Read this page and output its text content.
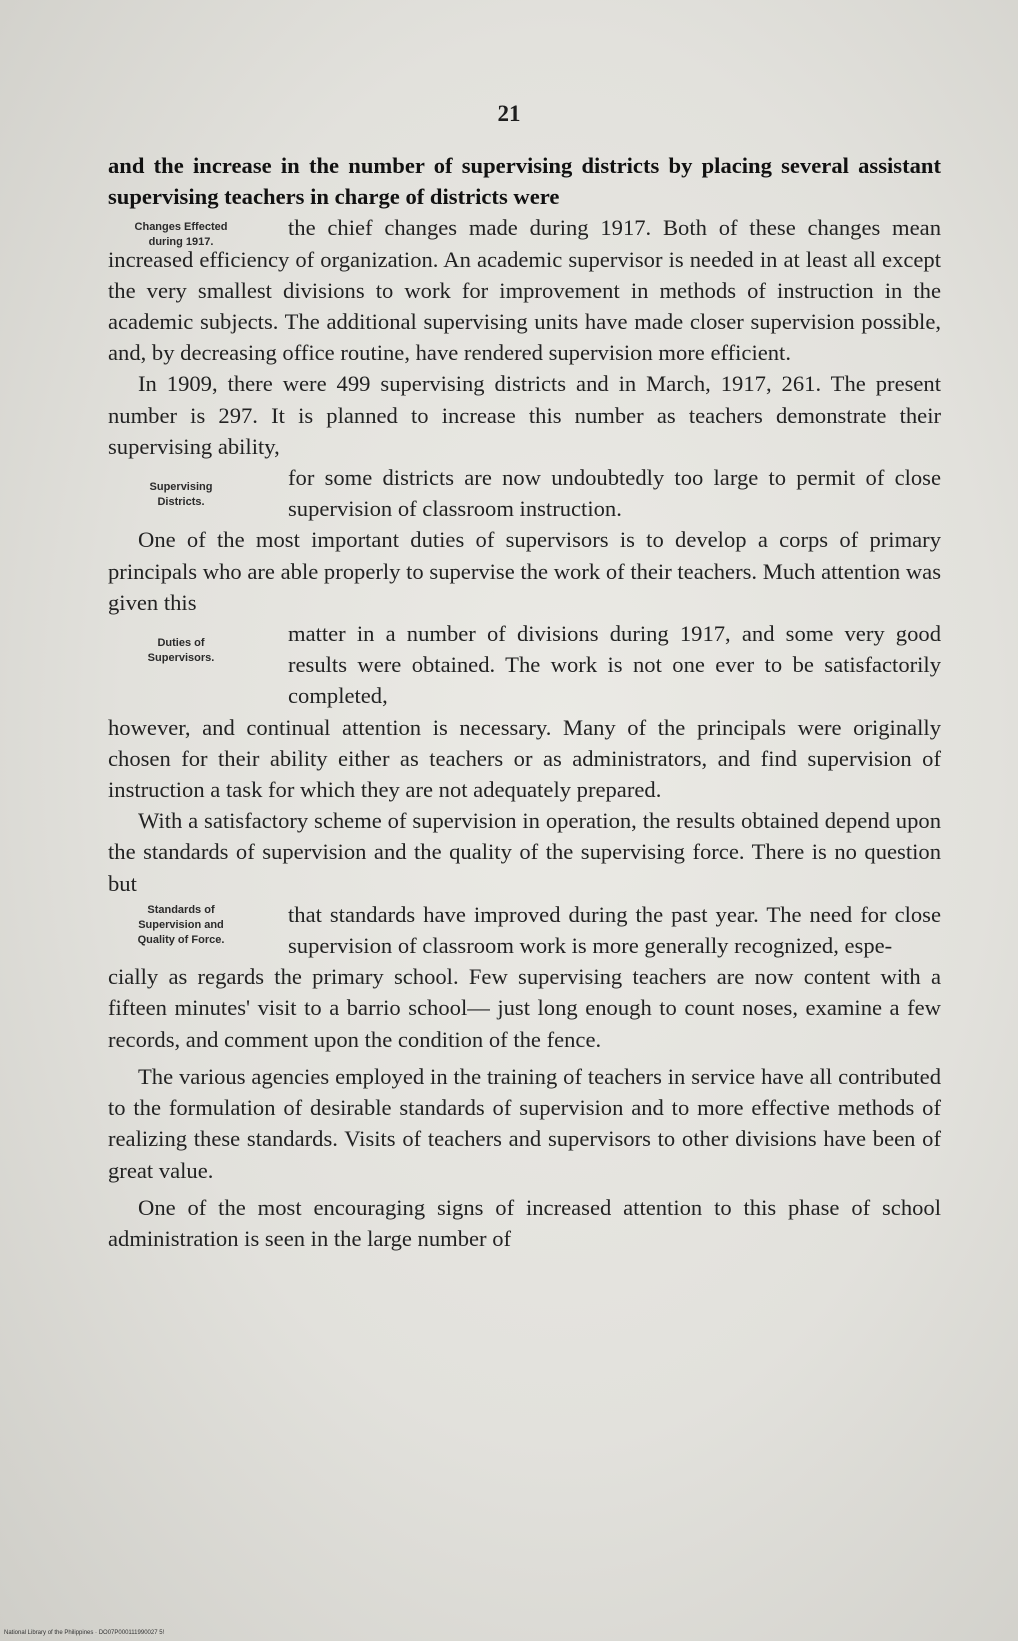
21

and the increase in the number of supervising districts by placing several assistant supervising teachers in charge of districts were

Changes Effected during 1917.

the chief changes made during 1917. Both of these changes mean increased efficiency of organization. An academic supervisor is needed in at least all except the very smallest divisions to work for improvement in methods of instruction in the academic subjects. The additional supervising units have made closer supervision possible, and, by decreasing office routine, have rendered supervision more efficient.

In 1909, there were 499 supervising districts and in March, 1917, 261. The present number is 297. It is planned to increase this number as teachers demonstrate their supervising ability,

Supervising Districts.

for some districts are now undoubtedly too large to permit of close supervision of classroom instruction.

One of the most important duties of supervisors is to develop a corps of primary principals who are able properly to supervise the work of their teachers. Much attention was given this

Duties of Supervisors.

matter in a number of divisions during 1917, and some very good results were obtained. The work is not one ever to be satisfactorily completed,

however, and continual attention is necessary. Many of the principals were originally chosen for their ability either as teachers or as administrators, and find supervision of instruction a task for which they are not adequately prepared.

With a satisfactory scheme of supervision in operation, the results obtained depend upon the standards of supervision and the quality of the supervising force. There is no question but

Standards of Supervision and Quality of Force.

that standards have improved during the past year. The need for close supervision of classroom work is more generally recognized, espe-

cially as regards the primary school. Few supervising teachers are now content with a fifteen minutes' visit to a barrio school— just long enough to count noses, examine a few records, and comment upon the condition of the fence.

The various agencies employed in the training of teachers in service have all contributed to the formulation of desirable standards of supervision and to more effective methods of realizing these standards. Visits of teachers and supervisors to other divisions have been of great value.

One of the most encouraging signs of increased attention to this phase of school administration is seen in the large number of

National Library of the Philippines · DO07P000111990027 5!
